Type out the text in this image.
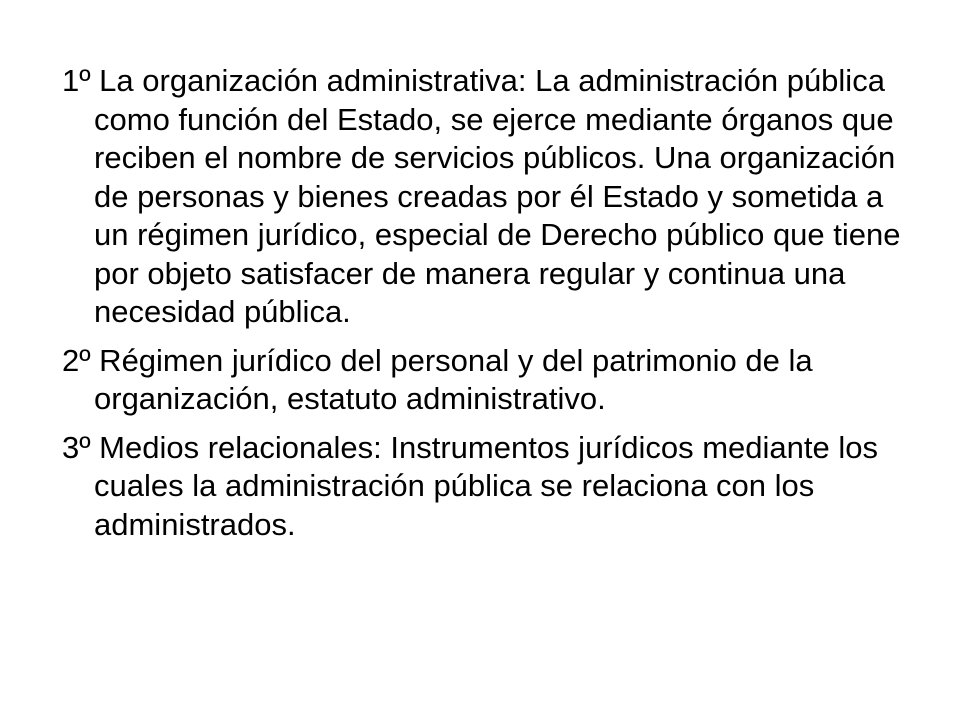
1º La organización administrativa: La administración pública como función del Estado, se ejerce mediante órganos que reciben el nombre de servicios públicos. Una organización de personas y bienes creadas por él Estado y sometida a un régimen jurídico, especial de Derecho público que tiene por objeto satisfacer de manera regular y continua una necesidad pública.

2º Régimen jurídico del personal y del patrimonio de la organización, estatuto administrativo.

3º Medios relacionales: Instrumentos jurídicos mediante los cuales la administración pública se relaciona con los administrados.
